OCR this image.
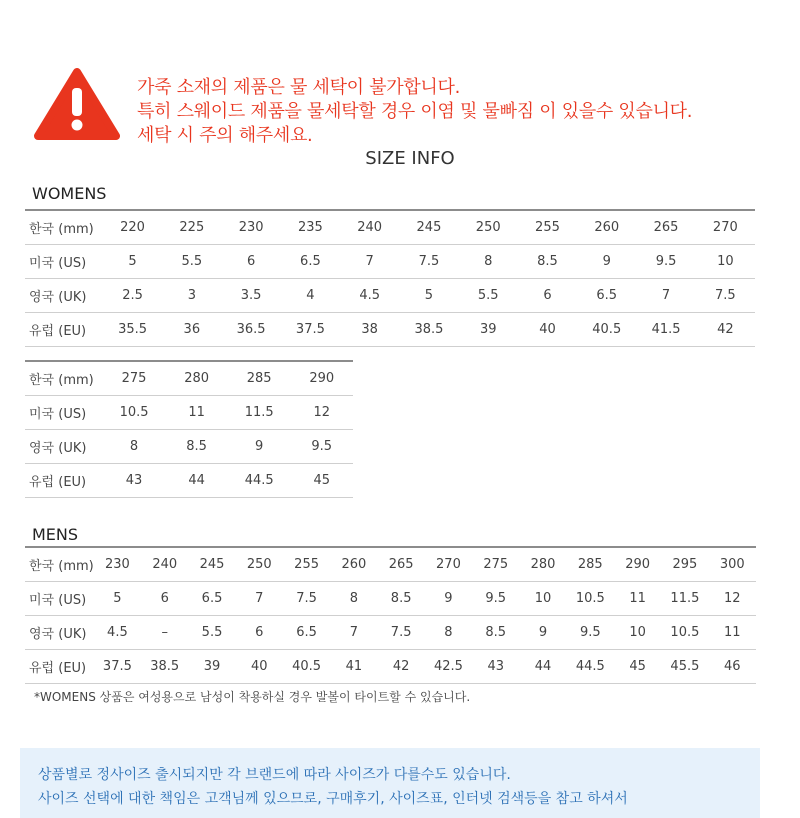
가죽 소재의 제품은 물 세탁이 불가합니다.
특히 스웨이드 제품을 물세탁할 경우 이염 및 물빠짐 이 있을수 있습니다.
세탁 시 주의 해주세요.
SIZE INFO
WOMENS
한국 (mm)	220	225	230	235	240	245	250	255	260	265	270
미국 (US)	5	5.5	6	6.5	7	7.5	8	8.5	9	9.5	10
영국 (UK)	2.5	3	3.5	4	4.5	5	5.5	6	6.5	7	7.5
유럽 (EU)	35.5	36	36.5	37.5	38	38.5	39	40	40.5	41.5	42
한국 (mm)	275	280	285	290
미국 (US)	10.5	11	11.5	12
영국 (UK)	8	8.5	9	9.5
유럽 (EU)	43	44	44.5	45
MENS
한국 (mm)	230	240	245	250	255	260	265	270	275	280	285	290	295	300
미국 (US)	5	6	6.5	7	7.5	8	8.5	9	9.5	10	10.5	11	11.5	12
영국 (UK)	4.5	–	5.5	6	6.5	7	7.5	8	8.5	9	9.5	10	10.5	11
유럽 (EU)	37.5	38.5	39	40	40.5	41	42	42.5	43	44	44.5	45	45.5	46
*WOMENS 상품은 여성용으로 남성이 착용하실 경우 발볼이 타이트할 수 있습니다.
상품별로 정사이즈 출시되지만 각 브랜드에 따라 사이즈가 다를수도 있습니다.
사이즈 선택에 대한 책임은 고객님께 있으므로, 구매후기, 사이즈표, 인터넷 검색등을 참고 하셔서
